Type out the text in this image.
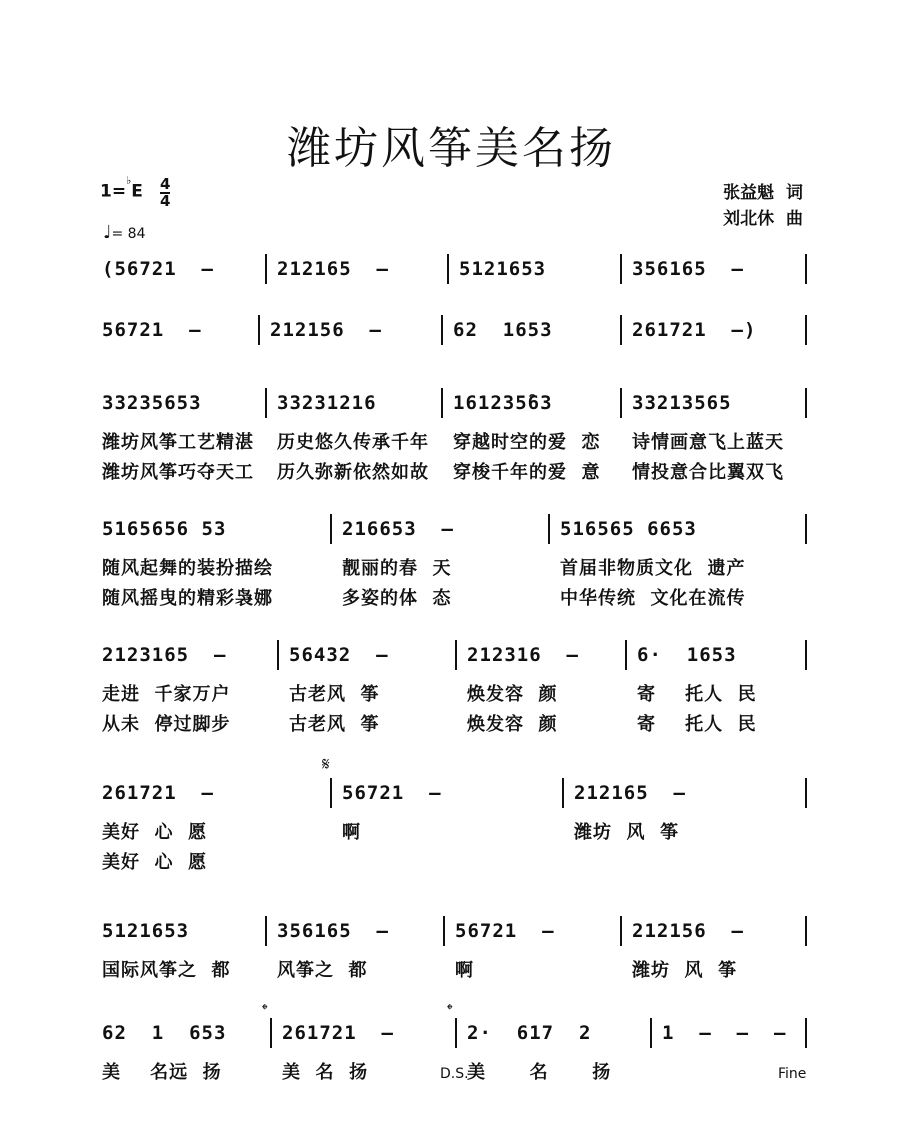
潍坊风筝美名扬
1=♭E 4
4
♩= 84
张益魁  词
刘北休  曲
(56721  –	212165  –	5121653	356165  –
56721  –	212156  –	62  1653	261721  –)
33235653	33231216	161235̑63	33213565
潍坊风筝工艺精湛 历史悠久传承千年 穿越时空的爱  恋 诗情画意飞上蓝天
潍坊风筝巧夺天工 历久弥新依然如故 穿梭千年的爱  意 情投意合比翼双飞
5165656 53	216653  –	516565 6653
随风起舞的装扮描绘	靓丽的春  天	首届非物质文化  遗产
随风摇曳的精彩袅娜	多姿的体  态	中华传统  文化在流传
2123165  –	56432  –	212316  –	6·  1653
走进  千家万户	古老风  筝	焕发容  颜	寄    托人  民
从未  停过脚步	古老风  筝	焕发容  颜	寄    托人  民
261721  –	56721  –	212165  –
美好  心  愿	啊	潍坊  风  筝
美好  心  愿
𝄋
5121653	356165  –	56721  –	212156  –
国际风筝之  都	风筝之  都	啊	潍坊  风  筝
62  1  653	261721  –	2·  617  2	1  –  –  –
美    名远  扬	美  名  扬	美      名      扬
𝄌	𝄌
D.S.	Fine
